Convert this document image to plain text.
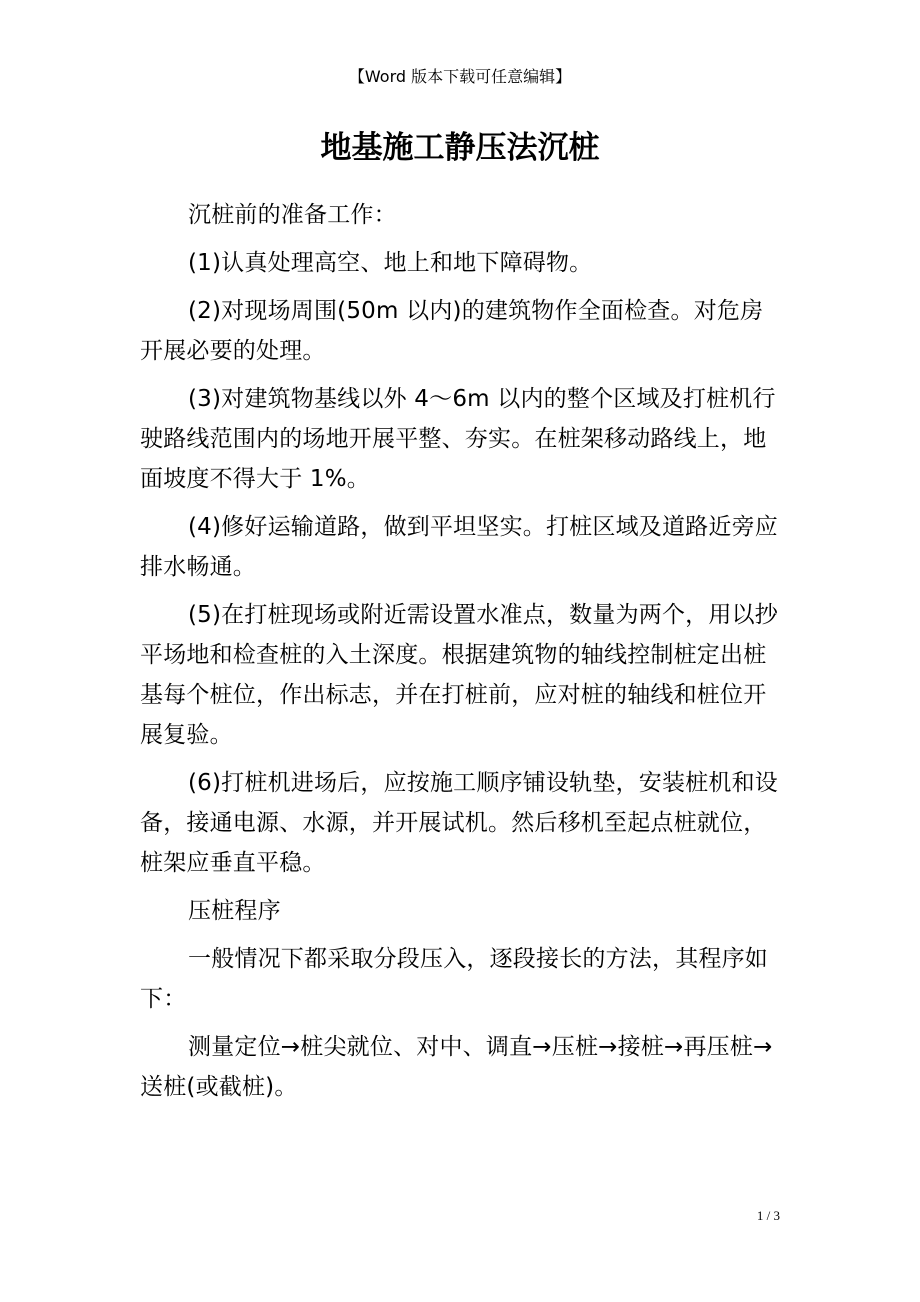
【Word 版本下载可任意编辑】
地基施工静压法沉桩

沉桩前的准备工作：

(1)认真处理高空、地上和地下障碍物。

(2)对现场周围(50m 以内)的建筑物作全面检查。对危房开展必要的处理。

(3)对建筑物基线以外 4～6m 以内的整个区域及打桩机行驶路线范围内的场地开展平整、夯实。在桩架移动路线上，地面坡度不得大于 1%。

(4)修好运输道路，做到平坦坚实。打桩区域及道路近旁应排水畅通。

(5)在打桩现场或附近需设置水准点，数量为两个，用以抄平场地和检查桩的入土深度。根据建筑物的轴线控制桩定出桩基每个桩位，作出标志，并在打桩前，应对桩的轴线和桩位开展复验。

(6)打桩机进场后，应按施工顺序铺设轨垫，安装桩机和设备，接通电源、水源，并开展试机。然后移机至起点桩就位，桩架应垂直平稳。

压桩程序

一般情况下都采取分段压入，逐段接长的方法，其程序如下：

测量定位→桩尖就位、对中、调直→压桩→接桩→再压桩→送桩(或截桩)。

1 / 3
